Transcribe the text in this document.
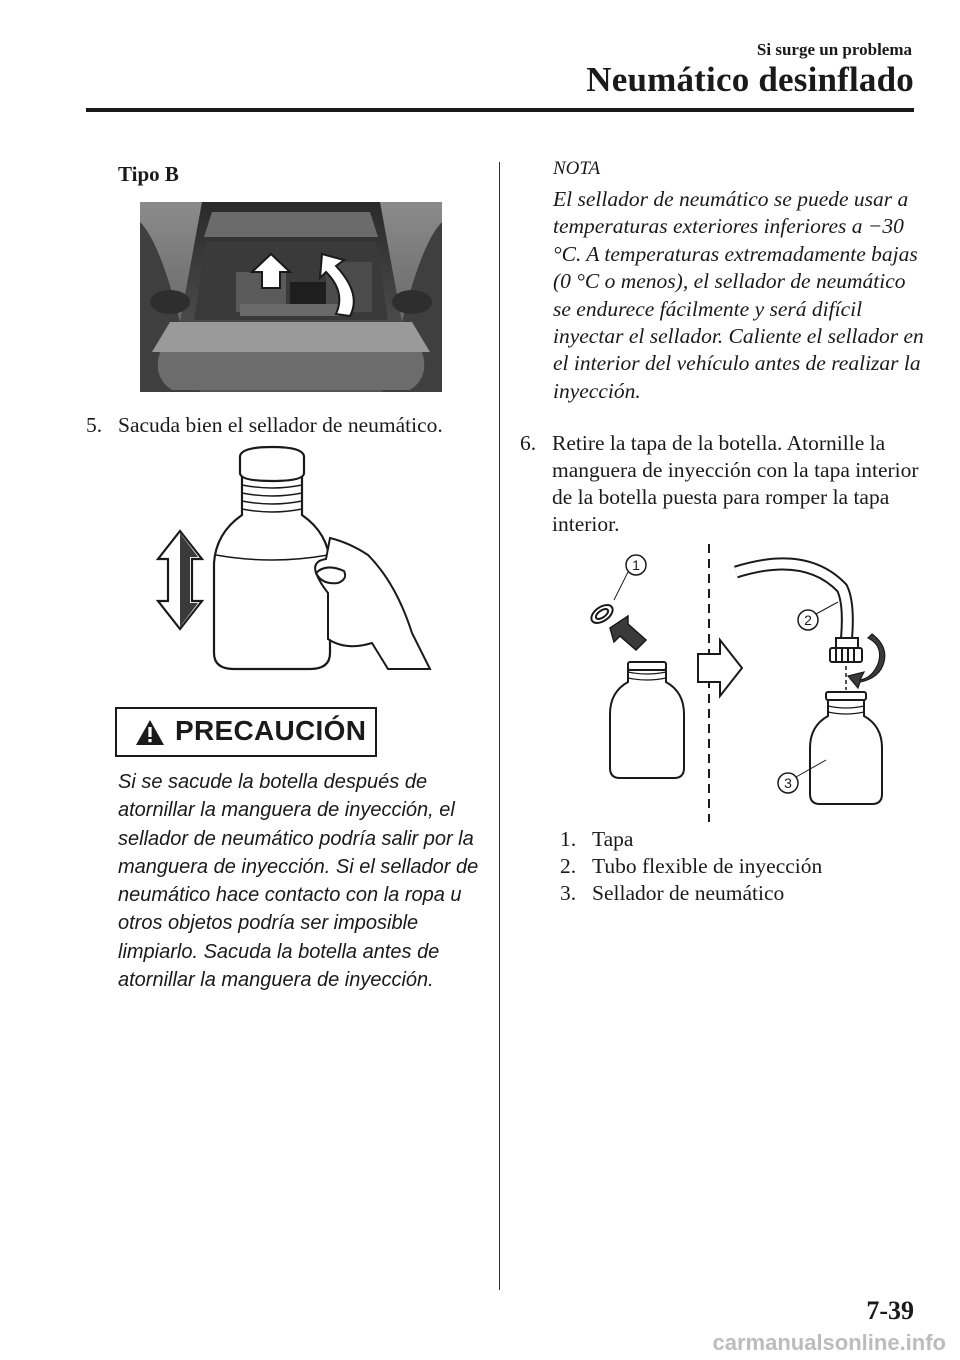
Si surge un problema
Neumático desinflado
Tipo B
5. Sacuda bien el sellador de neumático.
PRECAUCIÓN
Si se sacude la botella después de atornillar la manguera de inyección, el sellador de neumático podría salir por la manguera de inyección. Si el sellador de neumático hace contacto con la ropa u otros objetos podría ser imposible limpiarlo. Sacuda la botella antes de atornillar la manguera de inyección.
NOTA
El sellador de neumático se puede usar a temperaturas exteriores inferiores a −30 °C. A temperaturas extremadamente bajas (0 °C o menos), el sellador de neumático se endurece fácilmente y será difícil inyectar el sellador. Caliente el sellador en el interior del vehículo antes de realizar la inyección.
6. Retire la tapa de la botella. Atornille la manguera de inyección con la tapa interior de la botella puesta para romper la tapa interior.
1
2
3
1. Tapa
2. Tubo flexible de inyección
3. Sellador de neumático
7-39
carmanualsonline.info
